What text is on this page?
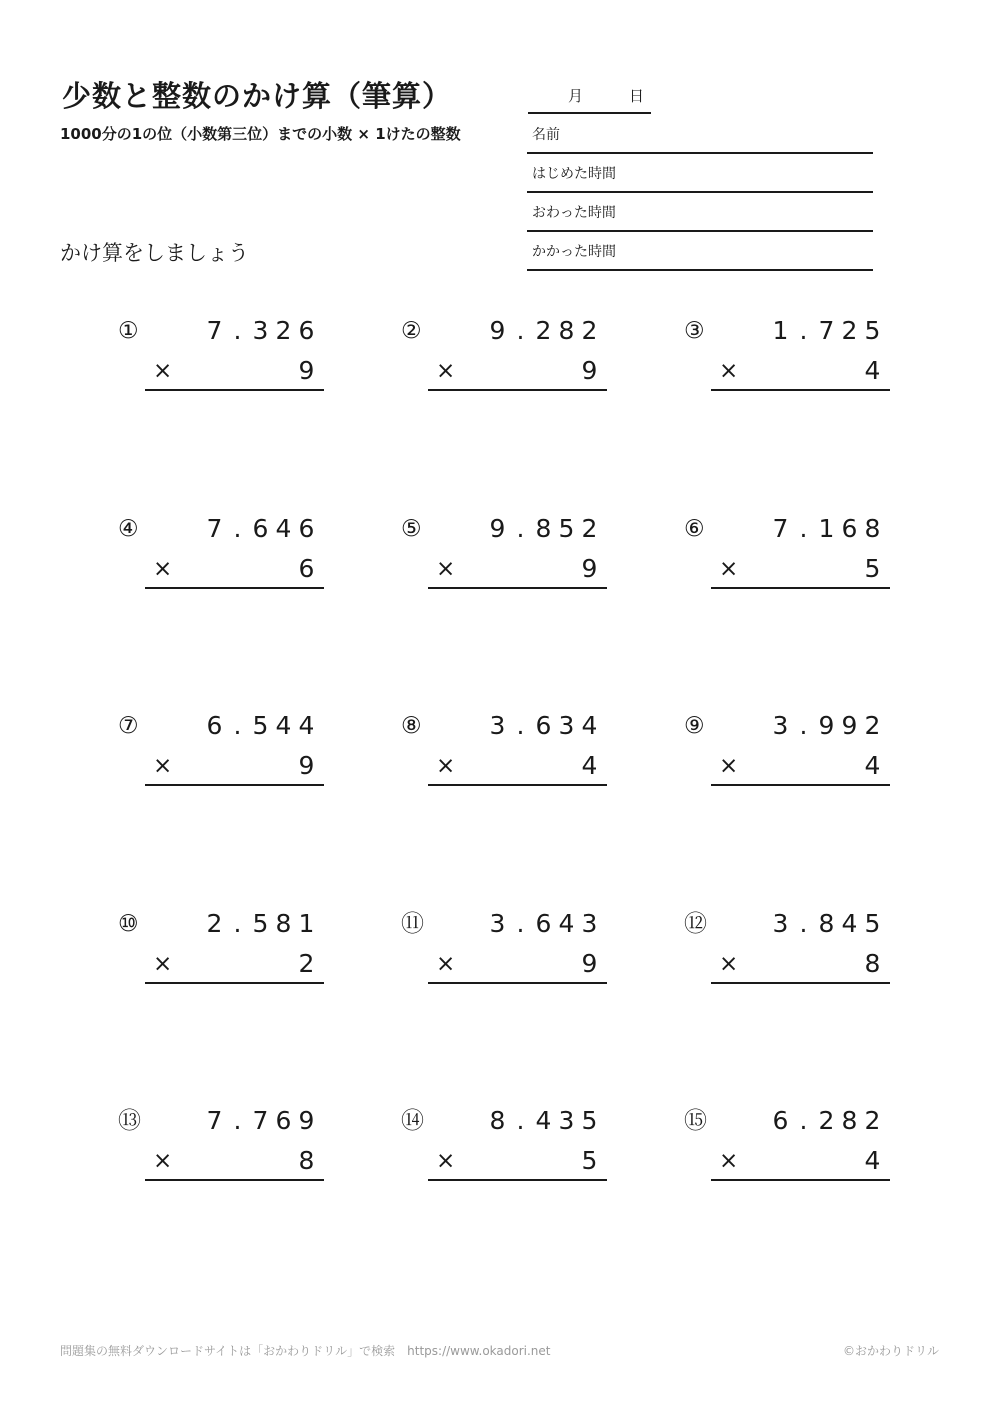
少数と整数のかけ算（筆算）
1000分の1の位（小数第三位）までの小数 × 1けたの整数
かけ算をしましょう
月	日
名前
はじめた時間
おわった時間
かかった時間
①	7 . 3 2 6
×	9
②	9 . 2 8 2
×	9
③	1 . 7 2 5
×	4
④	7 . 6 4 6
×	6
⑤	9 . 8 5 2
×	9
⑥	7 . 1 6 8
×	5
⑦	6 . 5 4 4
×	9
⑧	3 . 6 3 4
×	4
⑨	3 . 9 9 2
×	4
⑩	2 . 5 8 1
×	2
⑪	3 . 6 4 3
×	9
⑫	3 . 8 4 5
×	8
⑬	7 . 7 6 9
×	8
⑭	8 . 4 3 5
×	5
⑮	6 . 2 8 2
×	4
問題集の無料ダウンロードサイトは「おかわりドリル」で検索　https://www.okadori.net	©おかわりドリル
